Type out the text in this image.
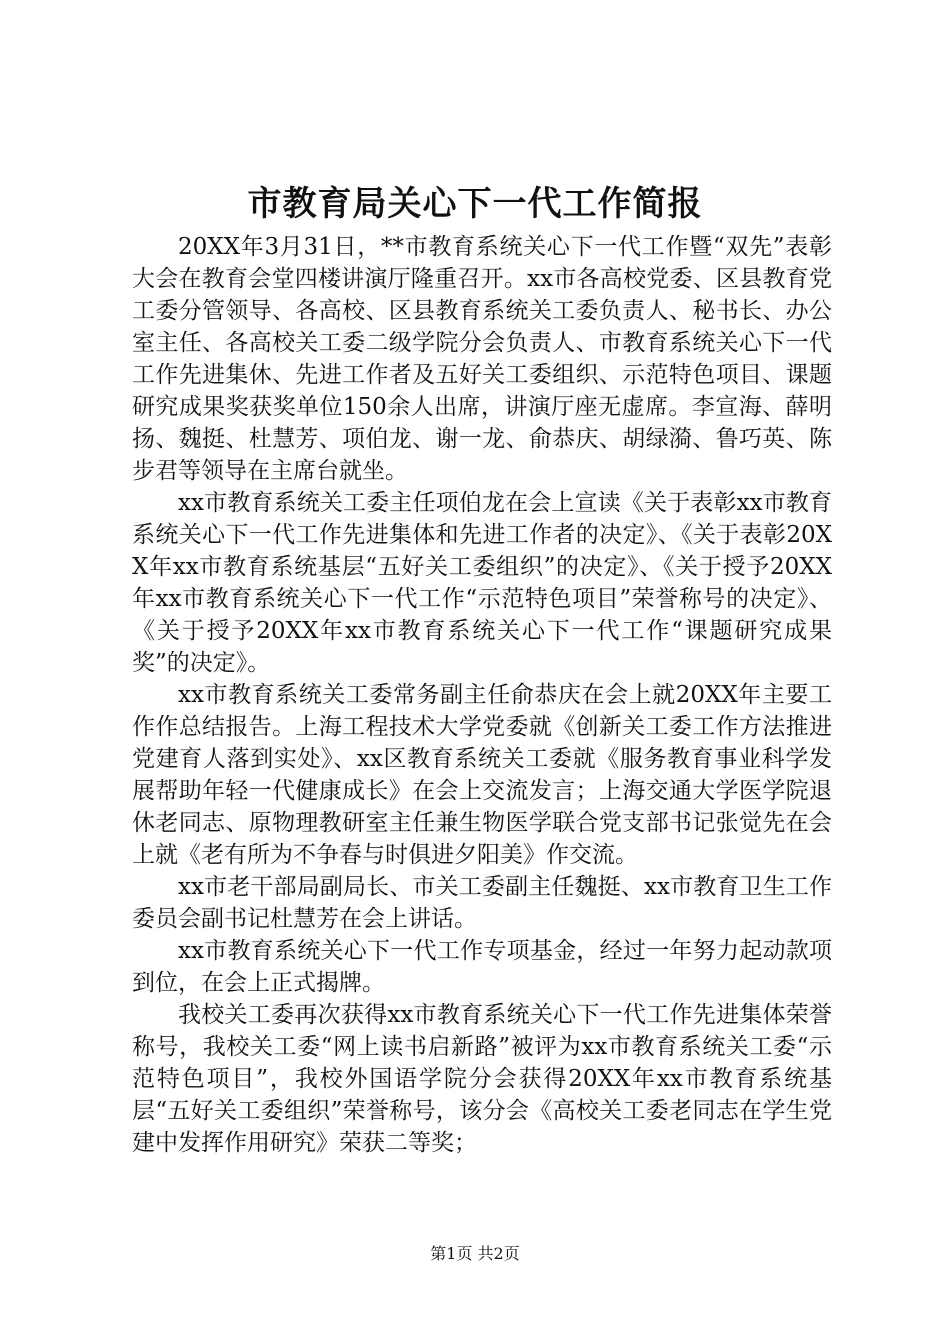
市教育局关心下一代工作简报

20XX年3月31日，**市教育系统关心下一代工作暨“双先”表彰大会在教育会堂四楼讲演厅隆重召开。xx市各高校党委、区县教育党工委分管领导、各高校、区县教育系统关工委负责人、秘书长、办公室主任、各高校关工委二级学院分会负责人、市教育系统关心下一代工作先进集休、先进工作者及五好关工委组织、示范特色项目、课题研究成果奖获奖单位150余人出席，讲演厅座无虚席。李宣海、薛明扬、魏挺、杜慧芳、项伯龙、谢一龙、俞恭庆、胡绿漪、鲁巧英、陈步君等领导在主席台就坐。

xx市教育系统关工委主任项伯龙在会上宣读《关于表彰xx市教育系统关心下一代工作先进集体和先进工作者的决定》、《关于表彰20XX年xx市教育系统基层“五好关工委组织”的决定》、《关于授予20XX年xx市教育系统关心下一代工作“示范特色项目”荣誉称号的决定》、《关于授予20XX年xx市教育系统关心下一代工作“课题研究成果奖”的决定》。

xx市教育系统关工委常务副主任俞恭庆在会上就20XX年主要工作作总结报告。上海工程技术大学党委就《创新关工委工作方法推进党建育人落到实处》、xx区教育系统关工委就《服务教育事业科学发展帮助年轻一代健康成长》在会上交流发言；上海交通大学医学院退休老同志、原物理教研室主任兼生物医学联合党支部书记张觉先在会上就《老有所为不争春与时俱进夕阳美》作交流。

xx市老干部局副局长、市关工委副主任魏挺、xx市教育卫生工作委员会副书记杜慧芳在会上讲话。

xx市教育系统关心下一代工作专项基金，经过一年努力起动款项到位，在会上正式揭牌。

我校关工委再次获得xx市教育系统关心下一代工作先进集体荣誉称号，我校关工委“网上读书启新路”被评为xx市教育系统关工委“示范特色项目”，我校外国语学院分会获得20XX年xx市教育系统基层“五好关工委组织”荣誉称号，该分会《高校关工委老同志在学生党建中发挥作用研究》荣获二等奖；

第1页 共2页
